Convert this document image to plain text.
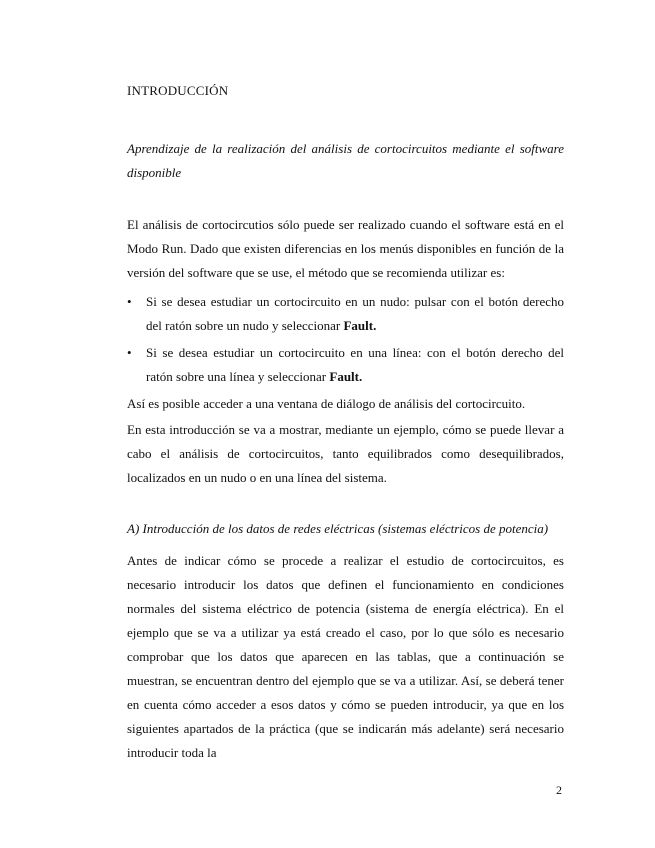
INTRODUCCIÓN
Aprendizaje de la realización del análisis de cortocircuitos mediante el software disponible

El análisis de cortocircutios sólo puede ser realizado cuando el software está en el Modo Run. Dado que existen diferencias en los menús disponibles en función de la versión del software que se use, el método que se recomienda utilizar es:

•	Si se desea estudiar un cortocircuito en un nudo: pulsar con el botón derecho del ratón sobre un nudo y seleccionar Fault.
•	Si se desea estudiar un cortocircuito en una línea: con el botón derecho del ratón sobre una línea y seleccionar Fault.

Así es posible acceder a una ventana de diálogo de análisis del cortocircuito.

En esta introducción se va a mostrar, mediante un ejemplo, cómo se puede llevar a cabo el análisis de cortocircuitos, tanto equilibrados como desequilibrados, localizados en un nudo o en una línea del sistema.

A) Introducción de los datos de redes eléctricas (sistemas eléctricos de potencia)

Antes de indicar cómo se procede a realizar el estudio de cortocircuitos, es necesario introducir los datos que definen el funcionamiento en condiciones normales del sistema eléctrico de potencia (sistema de energía eléctrica). En el ejemplo que se va a utilizar ya está creado el caso, por lo que sólo es necesario comprobar que los datos que aparecen en las tablas, que a continuación se muestran, se encuentran dentro del ejemplo que se va a utilizar. Así, se deberá tener en cuenta cómo acceder a esos datos y cómo se pueden introducir, ya que en los siguientes apartados de la práctica (que se indicarán más adelante) será necesario introducir toda la

2
